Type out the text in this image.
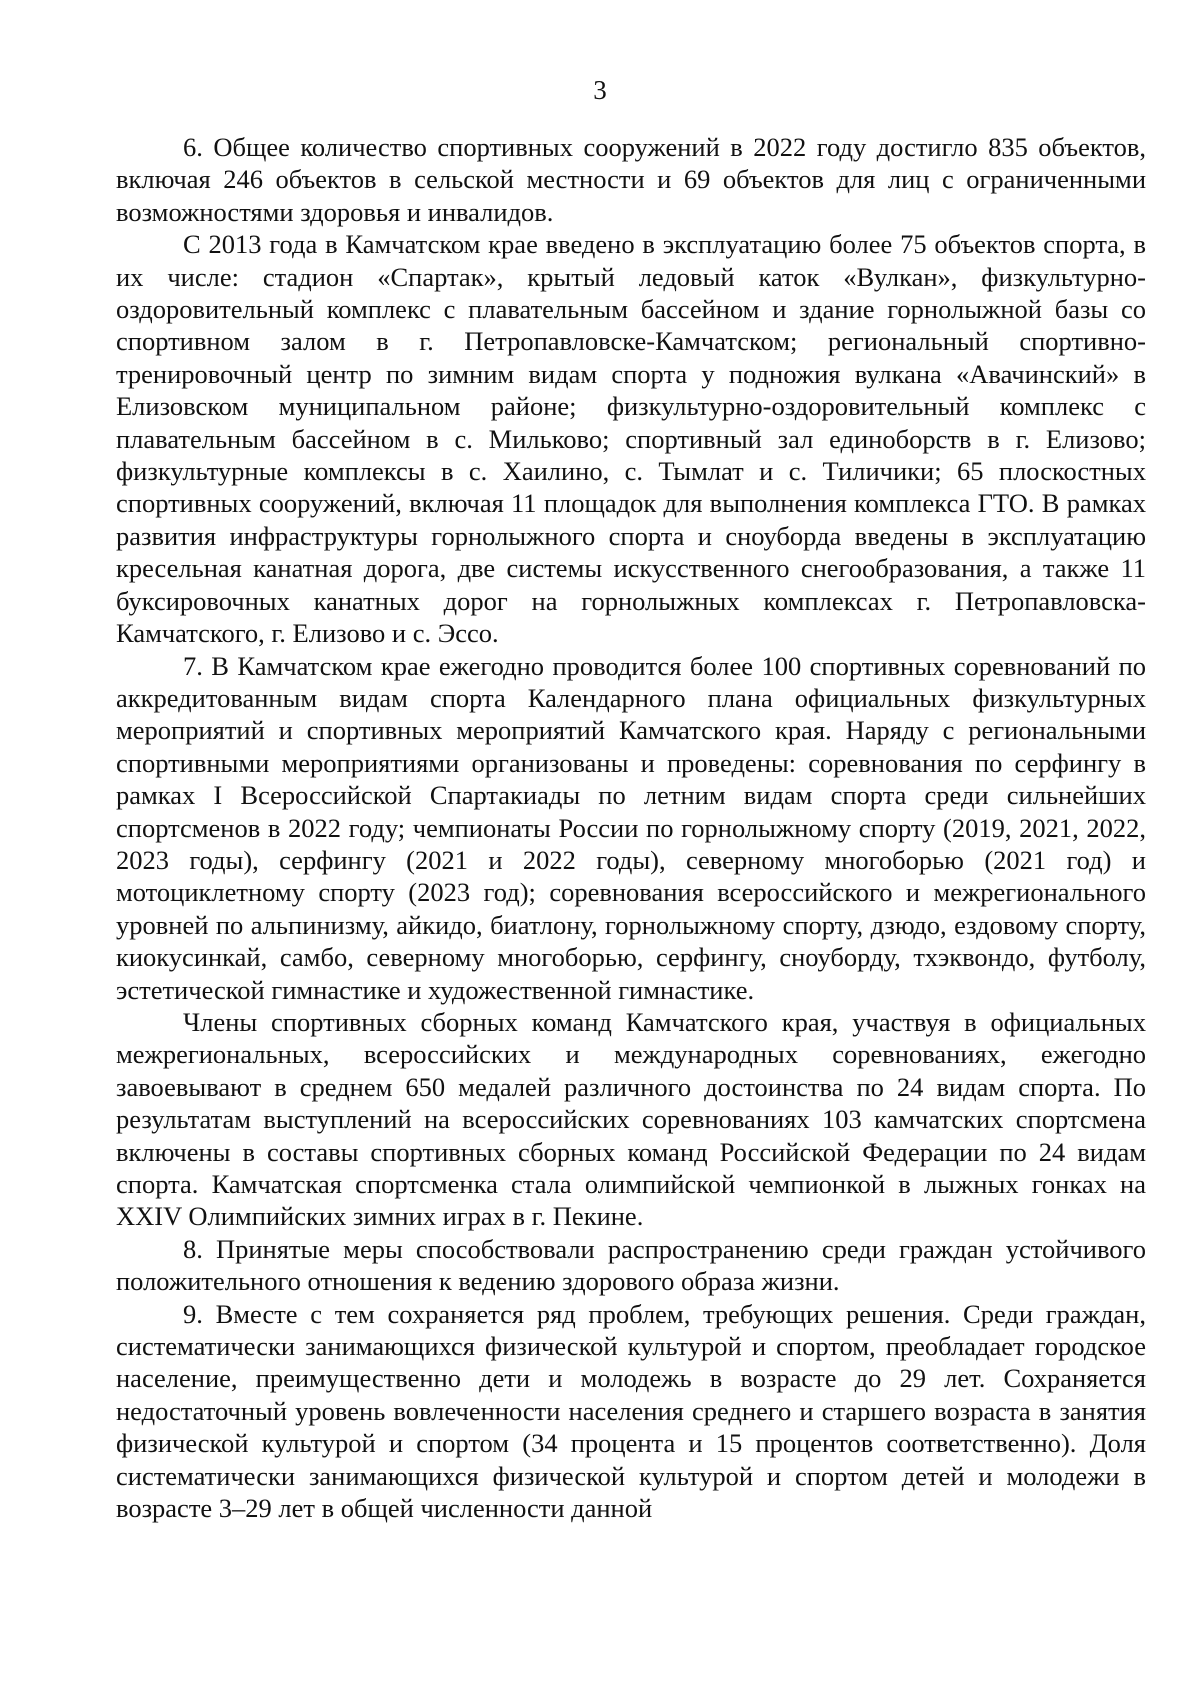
3

6. Общее количество спортивных сооружений в 2022 году достигло 835 объектов, включая 246 объектов в сельской местности и 69 объектов для лиц с ограниченными возможностями здоровья и инвалидов.

С 2013 года в Камчатском крае введено в эксплуатацию более 75 объектов спорта, в их числе: стадион «Спартак», крытый ледовый каток «Вулкан», физкультурно-оздоровительный комплекс с плавательным бассейном и здание горнолыжной базы со спортивном залом в г. Петропавловске-Камчатском; региональный спортивно-тренировочный центр по зимним видам спорта у подножия вулкана «Авачинский» в Елизовском муниципальном районе; физкультурно-оздоровительный комплекс с плавательным бассейном в с. Мильково; спортивный зал единоборств в г. Елизово; физкультурные комплексы в с. Хаилино, с. Тымлат и с. Тиличики; 65 плоскостных спортивных сооружений, включая 11 площадок для выполнения комплекса ГТО. В рамках развития инфраструктуры горнолыжного спорта и сноуборда введены в эксплуатацию кресельная канатная дорога, две системы искусственного снегообразования, а также 11 буксировочных канатных дорог на горнолыжных комплексах г. Петропавловска-Камчатского, г. Елизово и с. Эссо.

7. В Камчатском крае ежегодно проводится более 100 спортивных соревнований по аккредитованным видам спорта Календарного плана официальных физкультурных мероприятий и спортивных мероприятий Камчатского края. Наряду с региональными спортивными мероприятиями организованы и проведены: соревнования по серфингу в рамках I Всероссийской Спартакиады по летним видам спорта среди сильнейших спортсменов в 2022 году; чемпионаты России по горнолыжному спорту (2019, 2021, 2022, 2023 годы), серфингу (2021 и 2022 годы), северному многоборью (2021 год) и мотоциклетному спорту (2023 год); соревнования всероссийского и межрегионального уровней по альпинизму, айкидо, биатлону, горнолыжному спорту, дзюдо, ездовому спорту, киокусинкай, самбо, северному многоборью, серфингу, сноуборду, тхэквондо, футболу, эстетической гимнастике и художественной гимнастике.

Члены спортивных сборных команд Камчатского края, участвуя в официальных межрегиональных, всероссийских и международных соревнованиях, ежегодно завоевывают в среднем 650 медалей различного достоинства по 24 видам спорта. По результатам выступлений на всероссийских соревнованиях 103 камчатских спортсмена включены в составы спортивных сборных команд Российской Федерации по 24 видам спорта. Камчатская спортсменка стала олимпийской чемпионкой в лыжных гонках на XXIV Олимпийских зимних играх в г. Пекине.

8. Принятые меры способствовали распространению среди граждан устойчивого положительного отношения к ведению здорового образа жизни.

9. Вместе с тем сохраняется ряд проблем, требующих решения. Среди граждан, систематически занимающихся физической культурой и спортом, преобладает городское население, преимущественно дети и молодежь в возрасте до 29 лет. Сохраняется недостаточный уровень вовлеченности населения среднего и старшего возраста в занятия физической культурой и спортом (34 процента и 15 процентов соответственно). Доля систематически занимающихся физической культурой и спортом детей и молодежи в возрасте 3–29 лет в общей численности данной
